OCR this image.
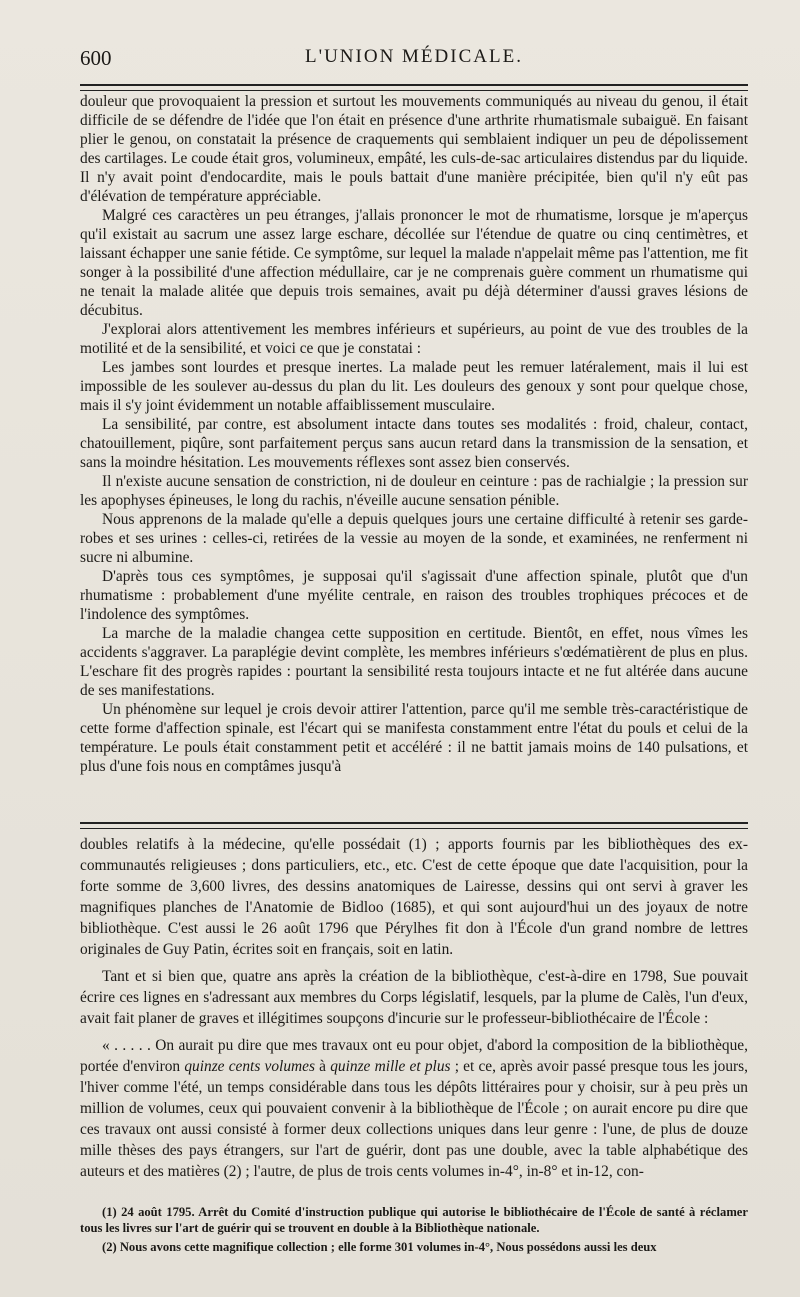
600	L'UNION MÉDICALE.

douleur que provoquaient la pression et surtout les mouvements communiqués au niveau du genou, il était difficile de se défendre de l'idée que l'on était en présence d'une arthrite rhumatismale subaiguë. En faisant plier le genou, on constatait la présence de craquements qui semblaient indiquer un peu de dépolissement des cartilages. Le coude était gros, volumineux, empâté, les culs-de-sac articulaires distendus par du liquide. Il n'y avait point d'endocardite, mais le pouls battait d'une manière précipitée, bien qu'il n'y eût pas d'élévation de température appréciable.

Malgré ces caractères un peu étranges, j'allais prononcer le mot de rhumatisme, lorsque je m'aperçus qu'il existait au sacrum une assez large eschare, décollée sur l'étendue de quatre ou cinq centimètres, et laissant échapper une sanie fétide. Ce symptôme, sur lequel la malade n'appelait même pas l'attention, me fit songer à la possibilité d'une affection médullaire, car je ne comprenais guère comment un rhumatisme qui ne tenait la malade alitée que depuis trois semaines, avait pu déjà déterminer d'aussi graves lésions de décubitus.

J'explorai alors attentivement les membres inférieurs et supérieurs, au point de vue des troubles de la motilité et de la sensibilité, et voici ce que je constatai :

Les jambes sont lourdes et presque inertes. La malade peut les remuer latéralement, mais il lui est impossible de les soulever au-dessus du plan du lit. Les douleurs des genoux y sont pour quelque chose, mais il s'y joint évidemment un notable affaiblissement musculaire.

La sensibilité, par contre, est absolument intacte dans toutes ses modalités : froid, chaleur, contact, chatouillement, piqûre, sont parfaitement perçus sans aucun retard dans la transmission de la sensation, et sans la moindre hésitation. Les mouvements réflexes sont assez bien conservés.

Il n'existe aucune sensation de constriction, ni de douleur en ceinture : pas de rachialgie ; la pression sur les apophyses épineuses, le long du rachis, n'éveille aucune sensation pénible.

Nous apprenons de la malade qu'elle a depuis quelques jours une certaine difficulté à retenir ses garde-robes et ses urines : celles-ci, retirées de la vessie au moyen de la sonde, et examinées, ne renferment ni sucre ni albumine.

D'après tous ces symptômes, je supposai qu'il s'agissait d'une affection spinale, plutôt que d'un rhumatisme : probablement d'une myélite centrale, en raison des troubles trophiques précoces et de l'indolence des symptômes.

La marche de la maladie changea cette supposition en certitude. Bientôt, en effet, nous vîmes les accidents s'aggraver. La paraplégie devint complète, les membres inférieurs s'œdématièrent de plus en plus. L'eschare fit des progrès rapides : pourtant la sensibilité resta toujours intacte et ne fut altérée dans aucune de ses manifestations.

Un phénomène sur lequel je crois devoir attirer l'attention, parce qu'il me semble très-caractéristique de cette forme d'affection spinale, est l'écart qui se manifesta constamment entre l'état du pouls et celui de la température. Le pouls était constamment petit et accéléré : il ne battit jamais moins de 140 pulsations, et plus d'une fois nous en comptâmes jusqu'à

doubles relatifs à la médecine, qu'elle possédait (1) ; apports fournis par les bibliothèques des ex-communautés religieuses ; dons particuliers, etc., etc. C'est de cette époque que date l'acquisition, pour la forte somme de 3,600 livres, des dessins anatomiques de Lairesse, dessins qui ont servi à graver les magnifiques planches de l'Anatomie de Bidloo (1685), et qui sont aujourd'hui un des joyaux de notre bibliothèque. C'est aussi le 26 août 1796 que Pérylhes fit don à l'École d'un grand nombre de lettres originales de Guy Patin, écrites soit en français, soit en latin.

Tant et si bien que, quatre ans après la création de la bibliothèque, c'est-à-dire en 1798, Sue pouvait écrire ces lignes en s'adressant aux membres du Corps législatif, lesquels, par la plume de Calès, l'un d'eux, avait fait planer de graves et illégitimes soupçons d'incurie sur le professeur-bibliothécaire de l'École :

« . . . . . On aurait pu dire que mes travaux ont eu pour objet, d'abord la composition de la bibliothèque, portée d'environ quinze cents volumes à quinze mille et plus ; et ce, après avoir passé presque tous les jours, l'hiver comme l'été, un temps considérable dans tous les dépôts littéraires pour y choisir, sur à peu près un million de volumes, ceux qui pouvaient convenir à la bibliothèque de l'École ; on aurait encore pu dire que ces travaux ont aussi consisté à former deux collections uniques dans leur genre : l'une, de plus de douze mille thèses des pays étrangers, sur l'art de guérir, dont pas une double, avec la table alphabétique des auteurs et des matières (2) ; l'autre, de plus de trois cents volumes in-4°, in-8° et in-12, con-

(1) 24 août 1795. Arrêt du Comité d'instruction publique qui autorise le bibliothécaire de l'École de santé à réclamer tous les livres sur l'art de guérir qui se trouvent en double à la Bibliothèque nationale.

(2) Nous avons cette magnifique collection ; elle forme 301 volumes in-4°, Nous possédons aussi les deux
